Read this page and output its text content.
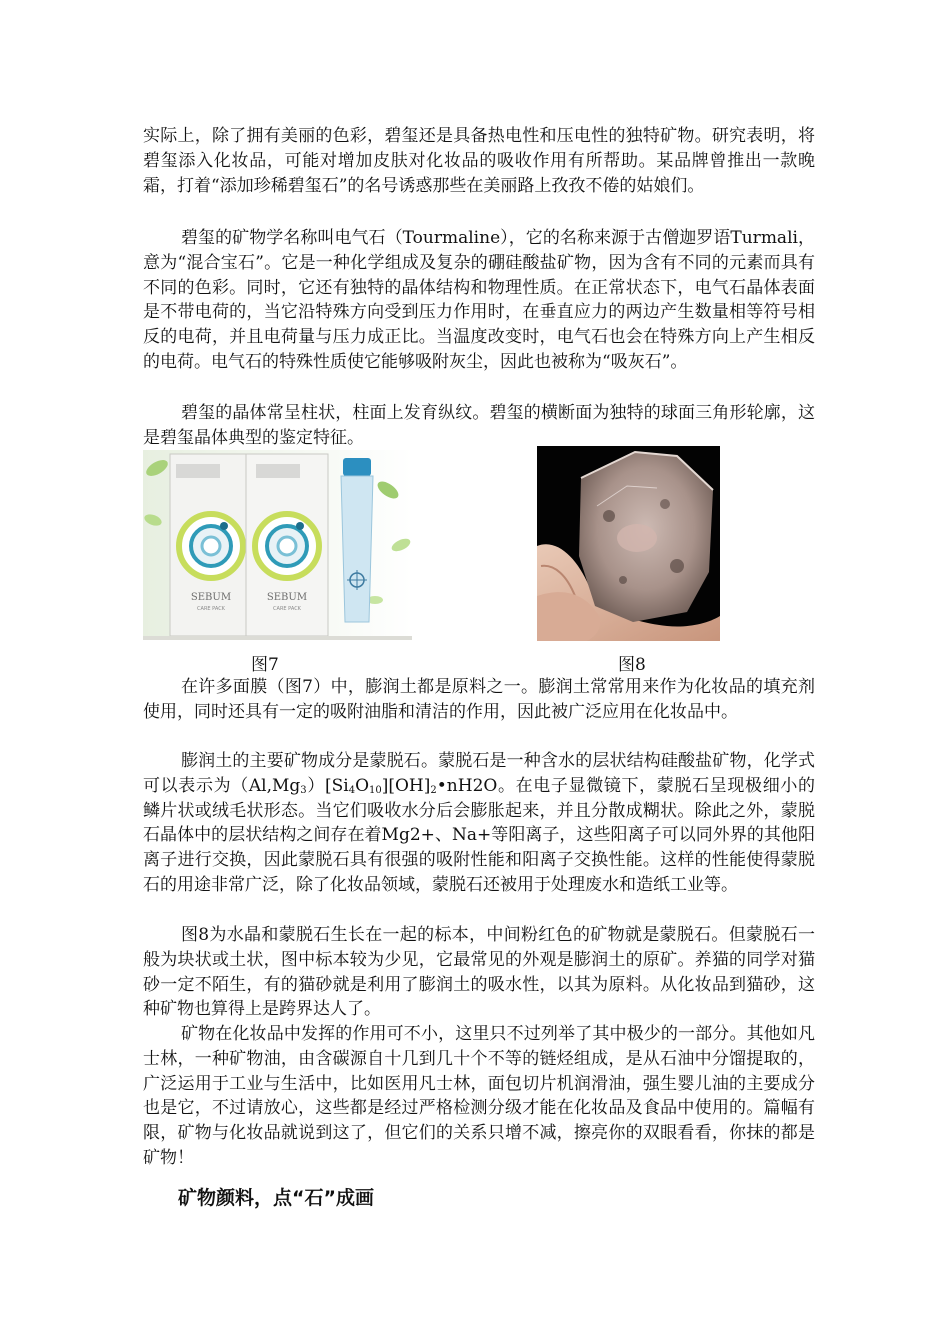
实际上，除了拥有美丽的色彩，碧玺还是具备热电性和压电性的独特矿物。研究表明，将碧玺添入化妆品，可能对增加皮肤对化妆品的吸收作用有所帮助。某品牌曾推出一款晚霜，打着“添加珍稀碧玺石”的名号诱惑那些在美丽路上孜孜不倦的姑娘们。

碧玺的矿物学名称叫电气石（Tourmaline），它的名称来源于古僧迦罗语Turmali，意为“混合宝石”。它是一种化学组成及复杂的硼硅酸盐矿物，因为含有不同的元素而具有不同的色彩。同时，它还有独特的晶体结构和物理性质。在正常状态下，电气石晶体表面是不带电荷的，当它沿特殊方向受到压力作用时，在垂直应力的两边产生数量相等符号相反的电荷，并且电荷量与压力成正比。当温度改变时，电气石也会在特殊方向上产生相反的电荷。电气石的特殊性质使它能够吸附灰尘，因此也被称为“吸灰石”。

碧玺的晶体常呈柱状，柱面上发育纵纹。碧玺的横断面为独特的球面三角形轮廓，这是碧玺晶体典型的鉴定特征。

SEBUM
CARE PACK
SEBUM
CARE PACK
图7	图8

在许多面膜（图7）中，膨润土都是原料之一。膨润土常常用来作为化妆品的填充剂使用，同时还具有一定的吸附油脂和清洁的作用，因此被广泛应用在化妆品中。

膨润土的主要矿物成分是蒙脱石。蒙脱石是一种含水的层状结构硅酸盐矿物，化学式可以表示为$(Al,Mg_3)[Si_4O_{10}][OH]_2•nH2O$。在电子显微镜下，蒙脱石呈现极细小的鳞片状或绒毛状形态。当它们吸收水分后会膨胀起来，并且分散成糊状。除此之外，蒙脱石晶体中的层状结构之间存在着Mg2+、Na+等阳离子，这些阳离子可以同外界的其他阳离子进行交换，因此蒙脱石具有很强的吸附性能和阳离子交换性能。这样的性能使得蒙脱石的用途非常广泛，除了化妆品领域，蒙脱石还被用于处理废水和造纸工业等。

图8为水晶和蒙脱石生长在一起的标本，中间粉红色的矿物就是蒙脱石。但蒙脱石一般为块状或土状，图中标本较为少见，它最常见的外观是膨润土的原矿。养猫的同学对猫砂一定不陌生，有的猫砂就是利用了膨润土的吸水性，以其为原料。从化妆品到猫砂，这种矿物也算得上是跨界达人了。

矿物在化妆品中发挥的作用可不小，这里只不过列举了其中极少的一部分。其他如凡士林，一种矿物油，由含碳源自十几到几十个不等的链烃组成，是从石油中分馏提取的，广泛运用于工业与生活中，比如医用凡士林，面包切片机润滑油，强生婴儿油的主要成分也是它，不过请放心，这些都是经过严格检测分级才能在化妆品及食品中使用的。篇幅有限，矿物与化妆品就说到这了，但它们的关系只增不减，擦亮你的双眼看看，你抹的都是矿物！

矿物颜料，点“石”成画
